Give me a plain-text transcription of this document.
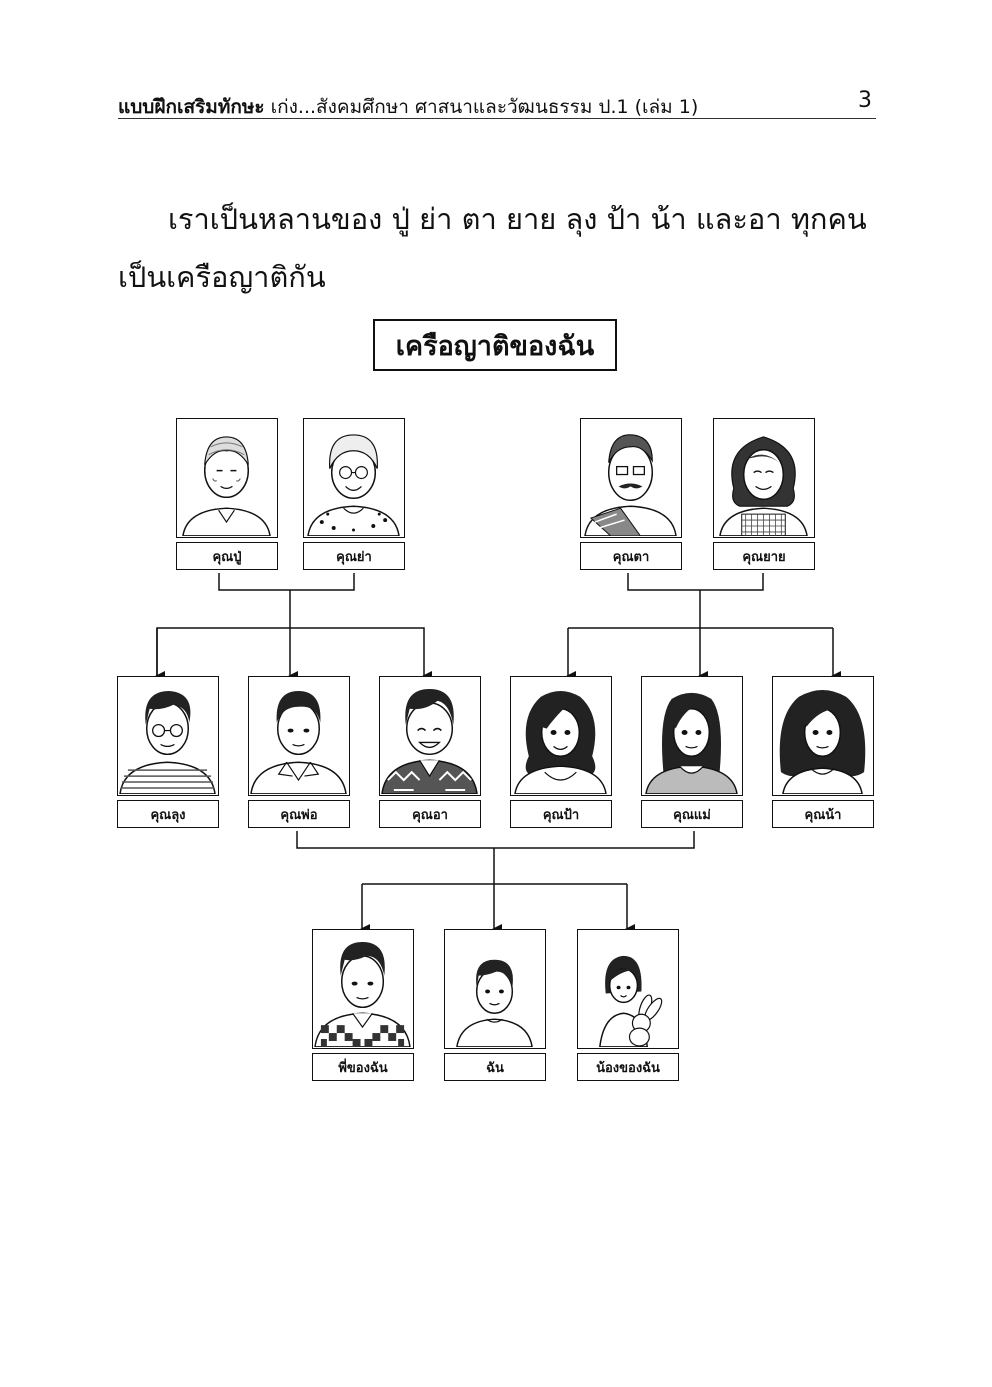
แบบฝึกเสริมทักษะ เก่ง...สังคมศึกษา ศาสนาและวัฒนธรรม ป.1 (เล่ม 1)	3
เราเป็นหลานของ ปู่ ย่า ตา ยาย ลุง ป้า น้า และอา ทุกคน
เป็นเครือญาติกัน
เครือญาติของฉัน
คุณปู่	คุณย่า	คุณตา	คุณยาย
คุณลุง	คุณพ่อ	คุณอา	คุณป้า	คุณแม่	คุณน้า
พี่ของฉัน	ฉัน	น้องของฉัน
